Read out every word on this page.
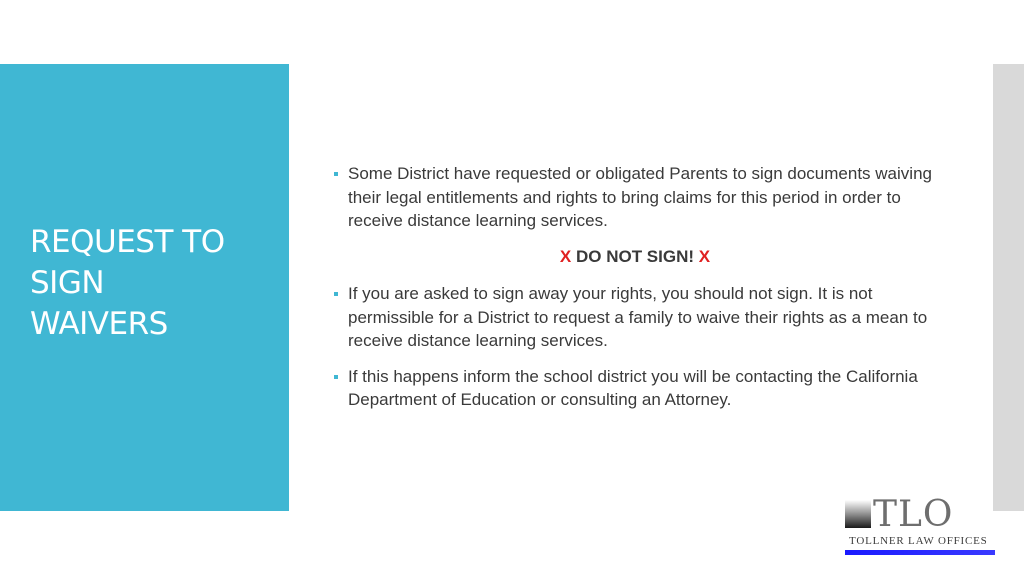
REQUEST TO
SIGN
WAIVERS
Some District have requested or obligated Parents to sign documents waiving their legal entitlements and rights to bring claims for this period in order to receive distance learning services.
X DO NOT SIGN! X
If you are asked to sign away your rights, you should not sign. It is not permissible for a District to request a family to waive their rights as a mean to receive distance learning services.
If this happens inform the school district you will be contacting the California Department of Education or consulting an Attorney.
TLO
TOLLNER LAW OFFICES
